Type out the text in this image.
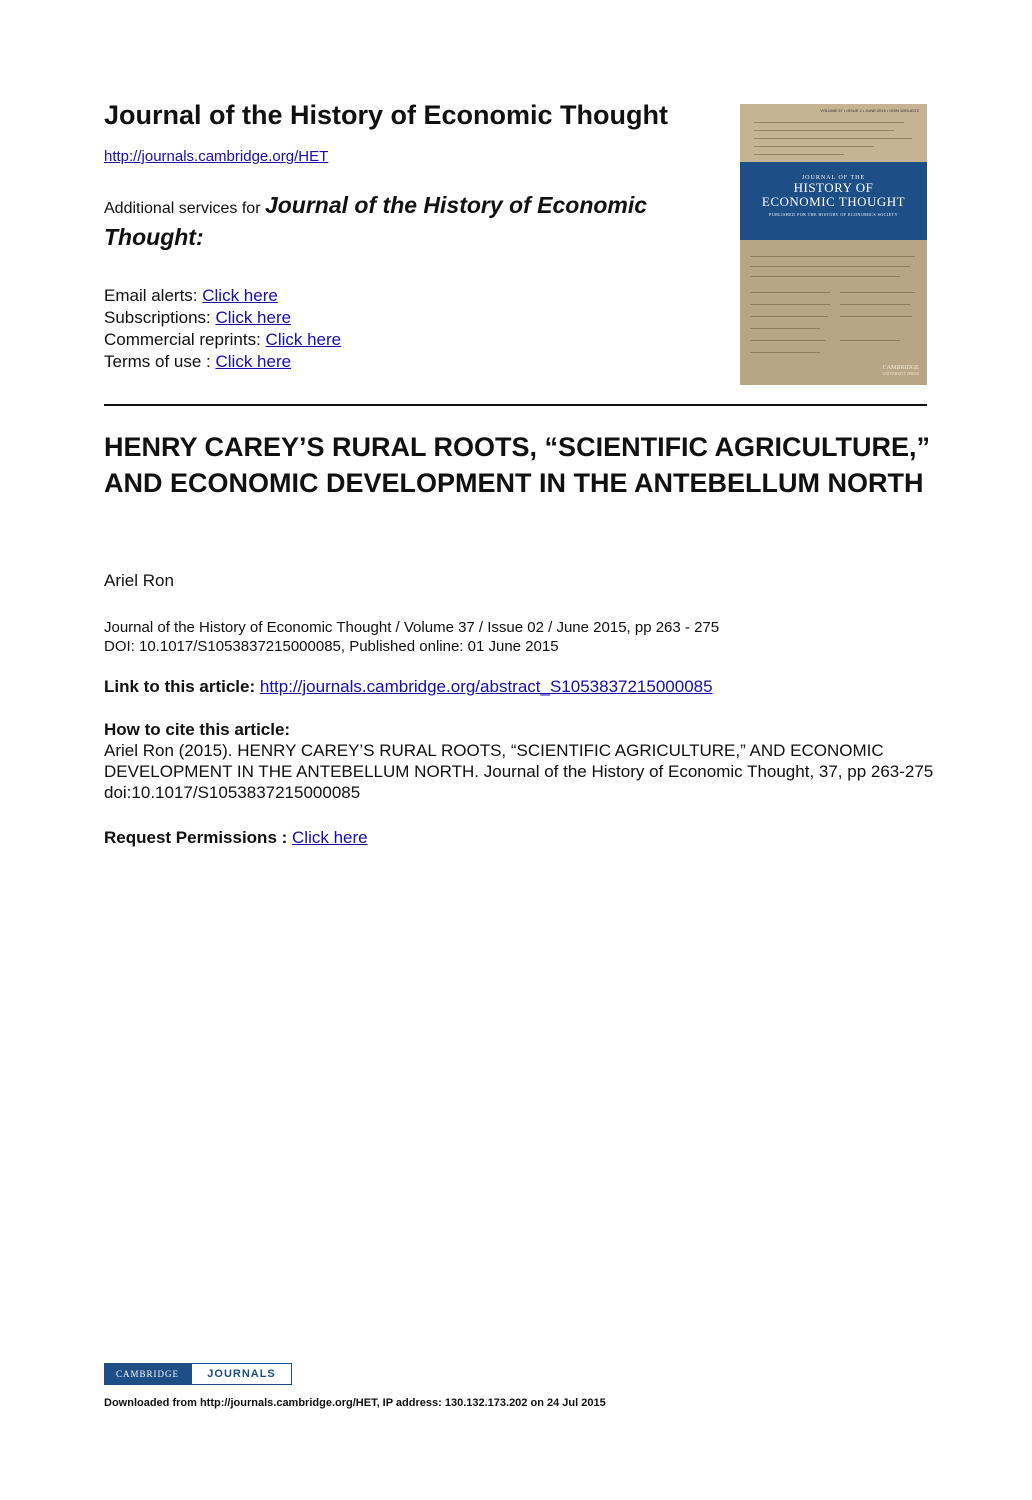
Journal of the History of Economic Thought
http://journals.cambridge.org/HET
Additional services for Journal of the History of Economic Thought:
Email alerts: Click here
Subscriptions: Click here
Commercial reprints: Click here
Terms of use : Click here
VOLUME 37 • ISSUE 2 • JUNE 2015 • ISSN 1053-8372
JOURNAL OF THE
HISTORY OF
ECONOMIC THOUGHT
PUBLISHED FOR THE HISTORY OF ECONOMICS SOCIETY
CAMBRIDGE
UNIVERSITY PRESS
HENRY CAREY’S RURAL ROOTS, “SCIENTIFIC AGRICULTURE,” AND ECONOMIC DEVELOPMENT IN THE ANTEBELLUM NORTH
Ariel Ron
Journal of the History of Economic Thought / Volume 37 / Issue 02 / June 2015, pp 263 - 275
DOI: 10.1017/S1053837215000085, Published online: 01 June 2015
Link to this article: http://journals.cambridge.org/abstract_S1053837215000085
How to cite this article:
Ariel Ron (2015). HENRY CAREY’S RURAL ROOTS, “SCIENTIFIC AGRICULTURE,” AND ECONOMIC DEVELOPMENT IN THE ANTEBELLUM NORTH. Journal of the History of Economic Thought, 37, pp 263-275 doi:10.1017/S1053837215000085
Request Permissions : Click here
CAMBRIDGE	JOURNALS
Downloaded from http://journals.cambridge.org/HET, IP address: 130.132.173.202 on 24 Jul 2015
